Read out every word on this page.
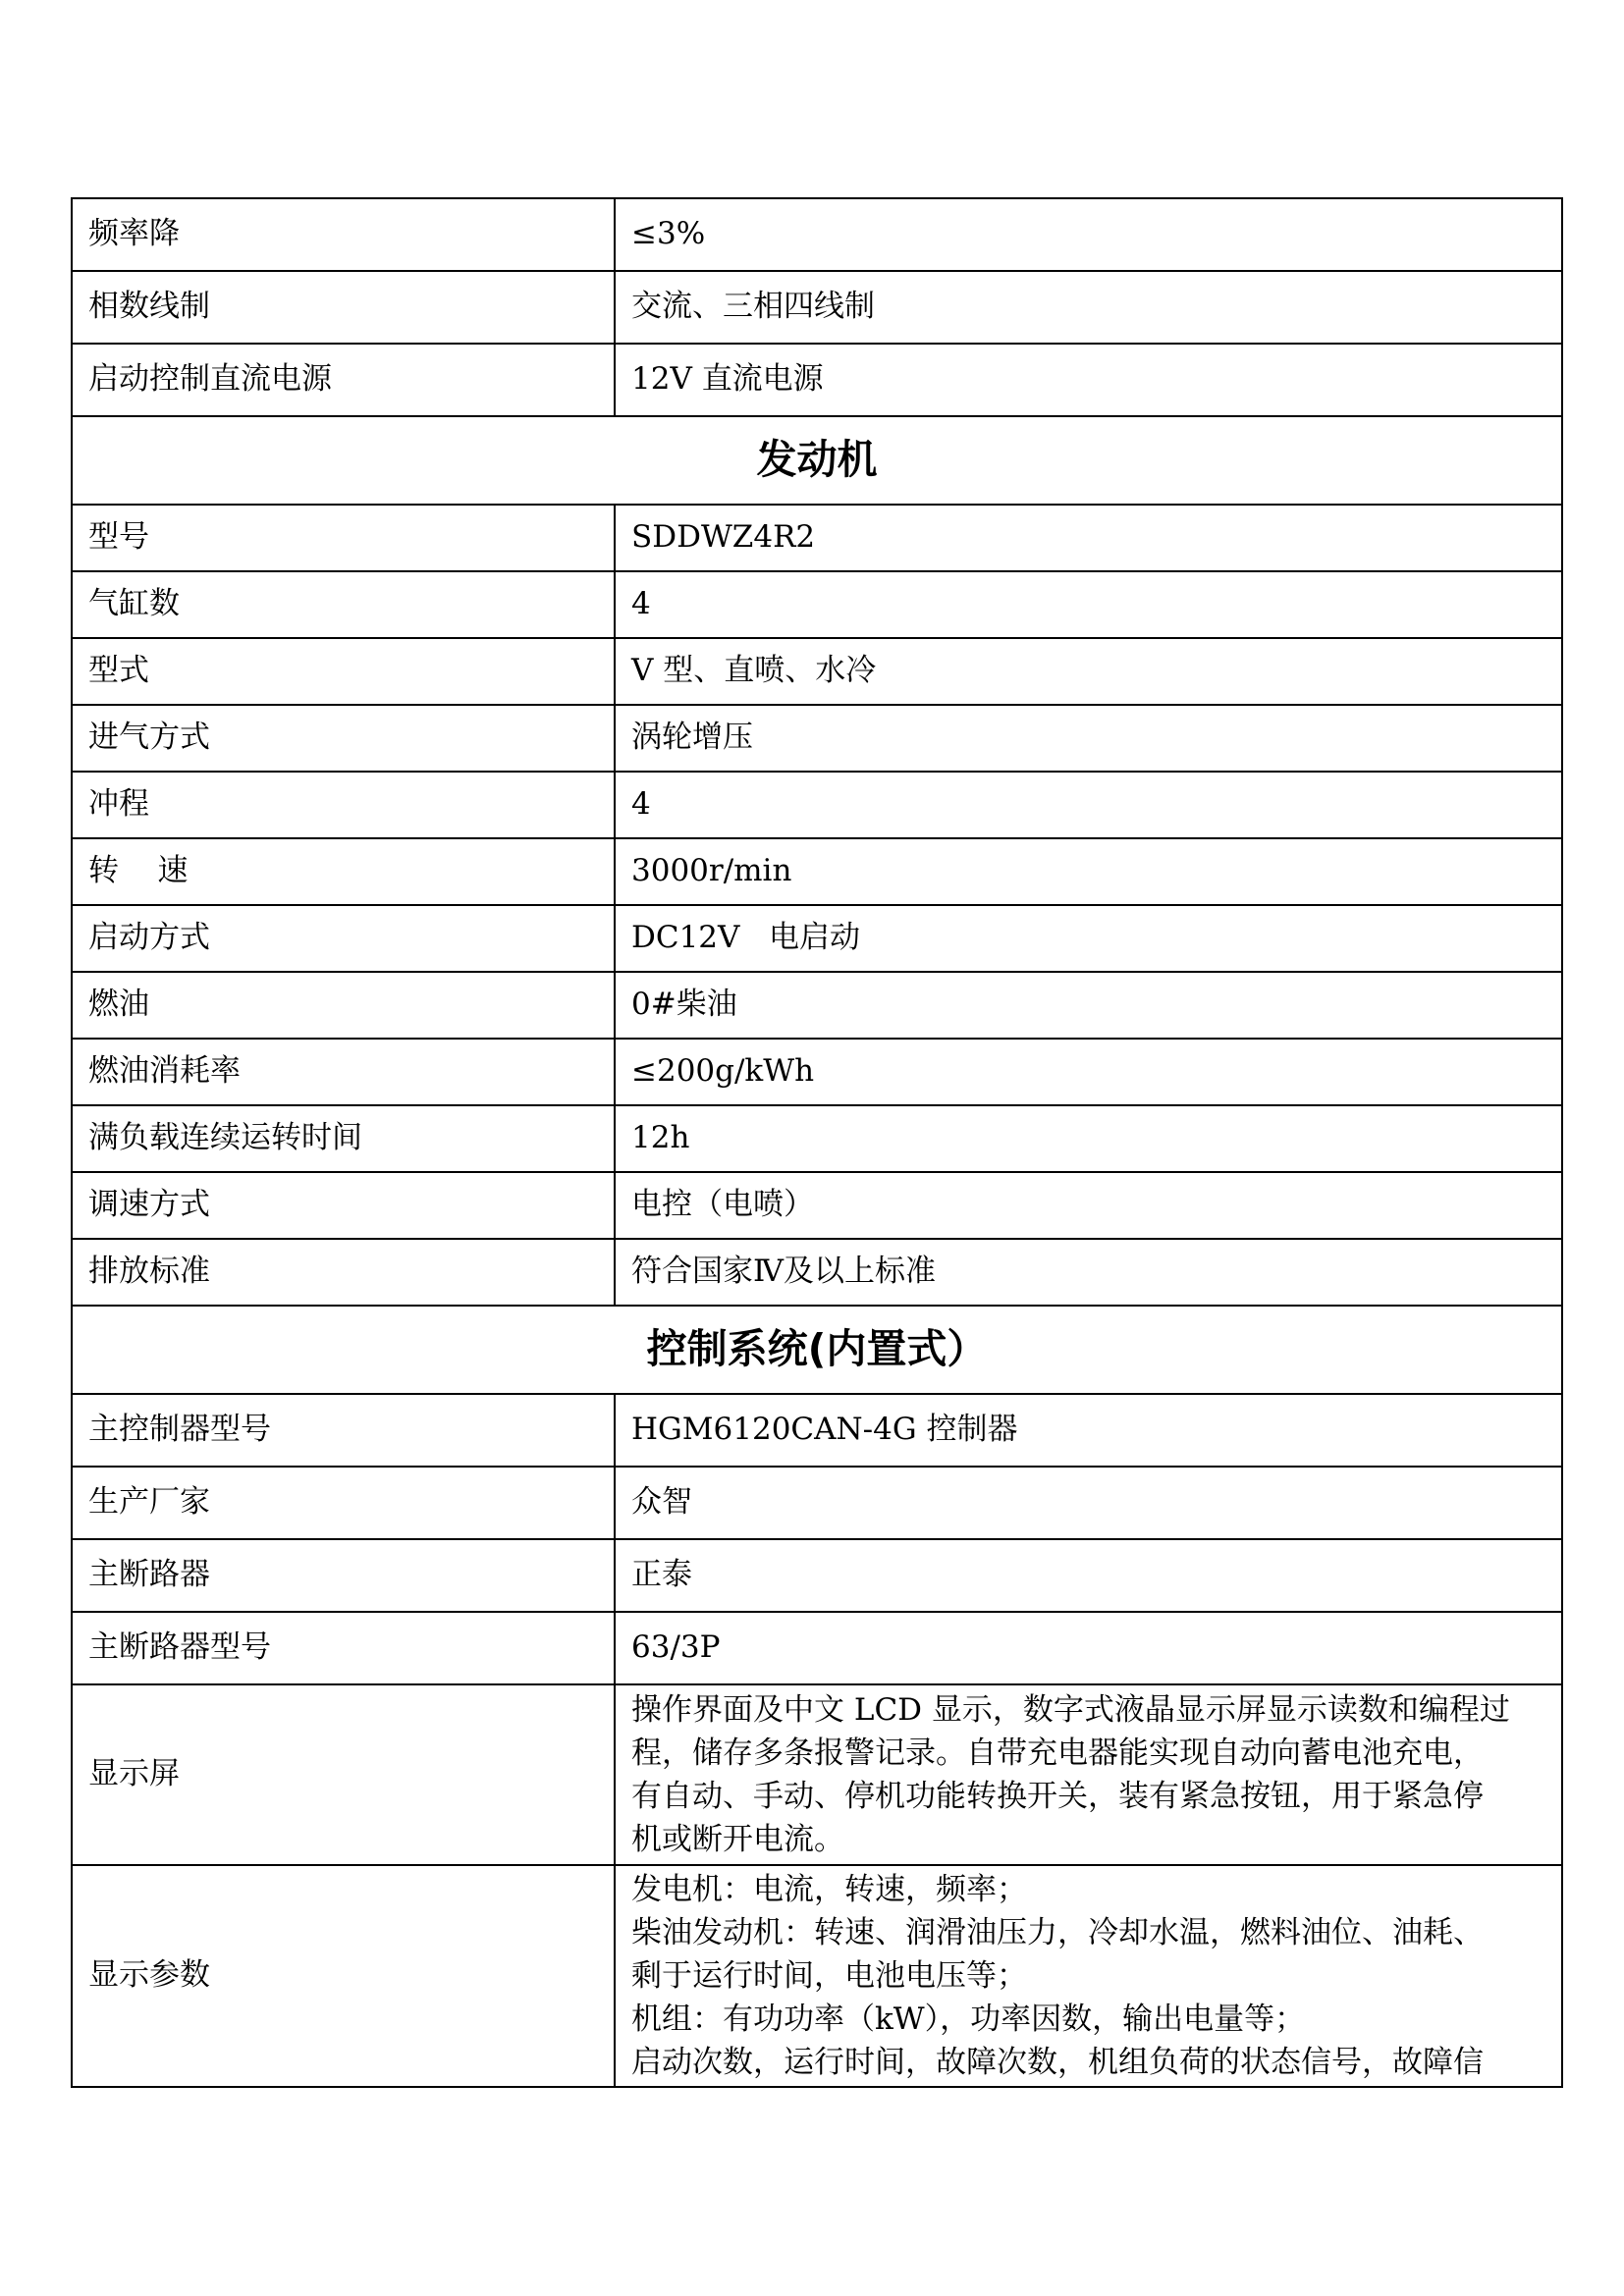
频率降	≤3%
相数线制	交流、三相四线制
启动控制直流电源	12V 直流电源
发动机	
型号	SDDWZ4R2
气缸数	4
型式	V 型、直喷、水冷
进气方式	涡轮增压
冲程	4
转    速	3000r/min
启动方式	DC12V   电启动
燃油	0#柴油
燃油消耗率	≤200g/kWh
满负载连续运转时间	12h
调速方式	电控（电喷）
排放标准	符合国家Ⅳ及以上标准
控制系统(内置式）	
主控制器型号	HGM6120CAN-4G 控制器
生产厂家	众智
主断路器	正泰
主断路器型号	63/3P
显示屏	操作界面及中文 LCD 显示，数字式液晶显示屏显示读数和编程过
程，储存多条报警记录。自带充电器能实现自动向蓄电池充电，
有自动、手动、停机功能转换开关，装有紧急按钮，用于紧急停
机或断开电流。

显示参数	发电机：电流，转速，频率；
柴油发动机：转速、润滑油压力，冷却水温，燃料油位、油耗、
剩于运行时间，电池电压等；
机组：有功功率（kW），功率因数，输出电量等；
启动次数，运行时间，故障次数，机组负荷的状态信号，故障信
